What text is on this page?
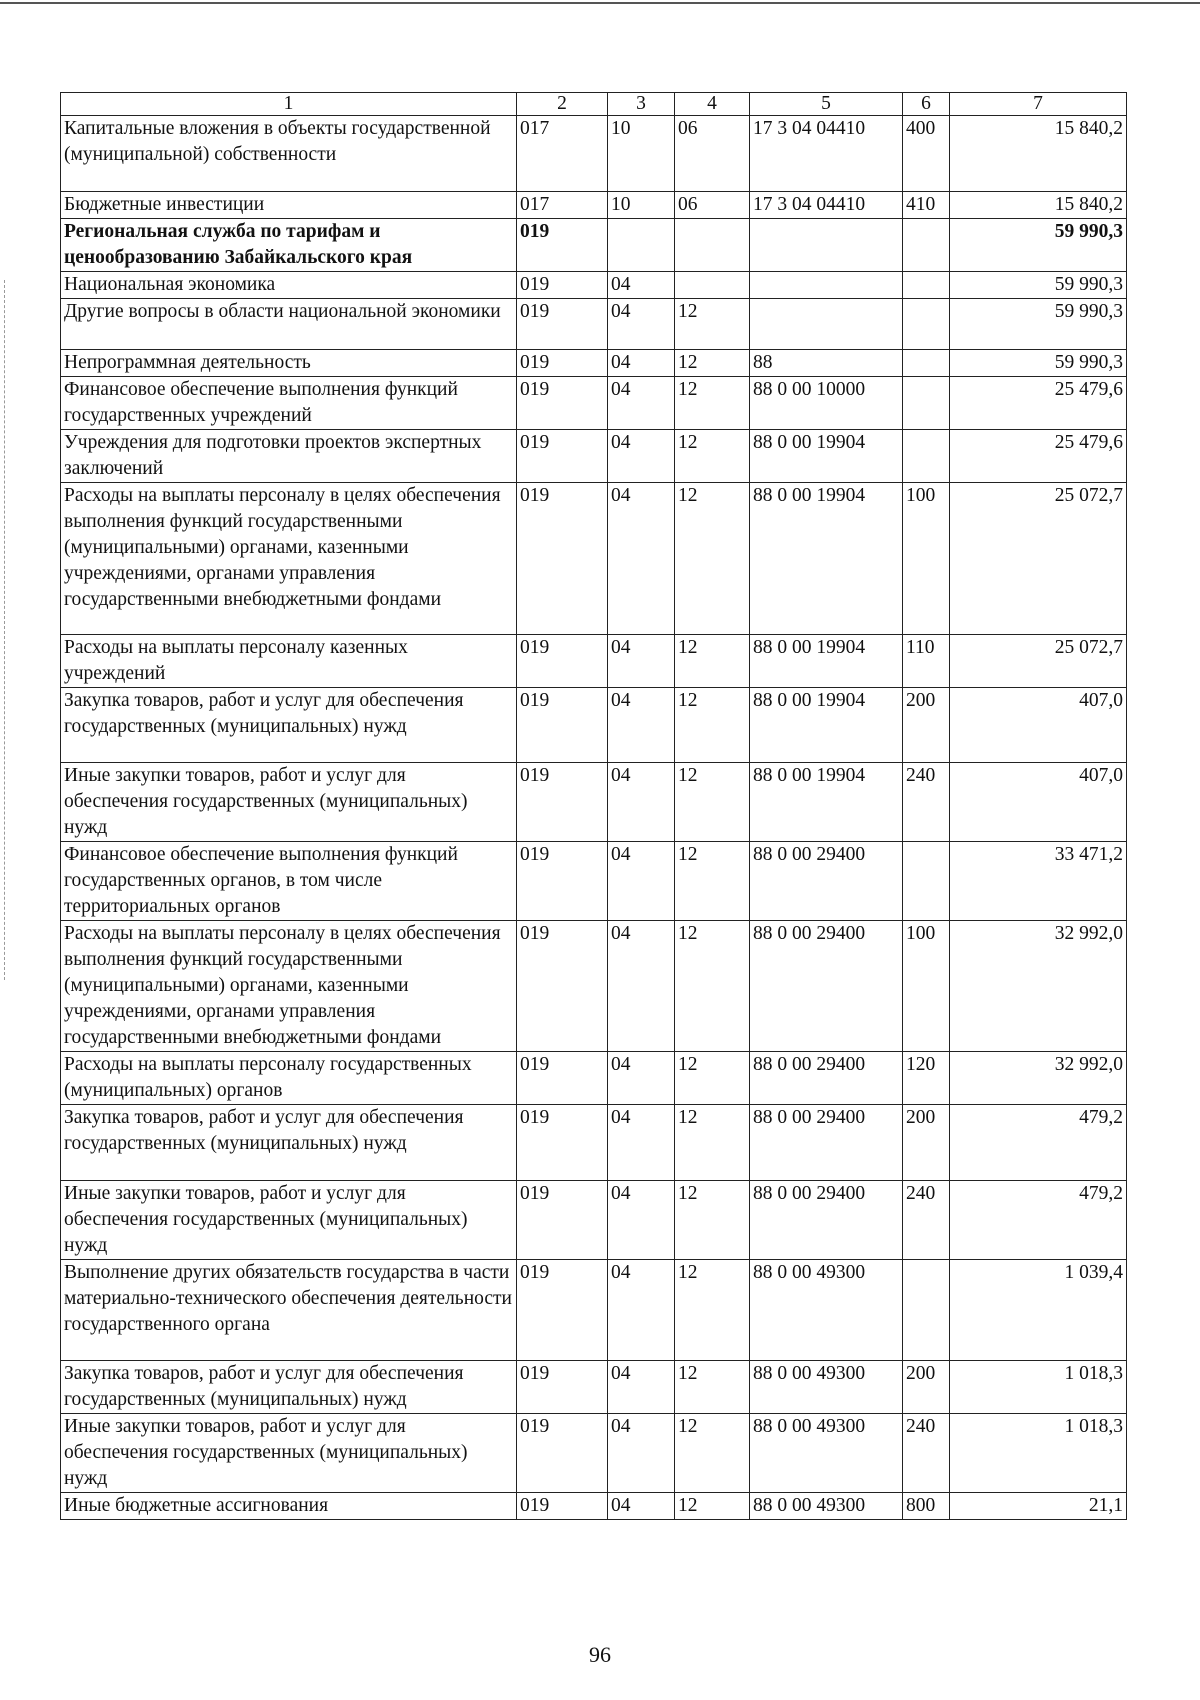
1	2	3	4	5	6	7
Капитальные вложения в объекты государственной (муниципальной) собственности	017	10	06	17 3 04 04410	400	15 840,2
Бюджетные инвестиции	017	10	06	17 3 04 04410	410	15 840,2
Региональная служба по тарифам и ценообразованию Забайкальского края	019					59 990,3
Национальная экономика	019	04				59 990,3
Другие вопросы в области национальной экономики	019	04	12			59 990,3
Непрограммная деятельность	019	04	12	88		59 990,3
Финансовое обеспечение выполнения функций государственных учреждений	019	04	12	88 0 00 10000		25 479,6
Учреждения для подготовки проектов экспертных заключений	019	04	12	88 0 00 19904		25 479,6
Расходы на выплаты персоналу в целях обеспечения выполнения функций государственными (муниципальными) органами, казенными учреждениями, органами управления государственными внебюджетными фондами	019	04	12	88 0 00 19904	100	25 072,7
Расходы на выплаты персоналу казенных учреждений	019	04	12	88 0 00 19904	110	25 072,7
Закупка товаров, работ и услуг для обеспечения государственных (муниципальных) нужд	019	04	12	88 0 00 19904	200	407,0
Иные закупки товаров, работ и услуг для обеспечения государственных (муниципальных) нужд	019	04	12	88 0 00 19904	240	407,0
Финансовое обеспечение выполнения функций государственных органов, в том числе территориальных органов	019	04	12	88 0 00 29400		33 471,2
Расходы на выплаты персоналу в целях обеспечения выполнения функций государственными (муниципальными) органами, казенными учреждениями, органами управления государственными внебюджетными фондами	019	04	12	88 0 00 29400	100	32 992,0
Расходы на выплаты персоналу государственных (муниципальных) органов	019	04	12	88 0 00 29400	120	32 992,0
Закупка товаров, работ и услуг для обеспечения государственных (муниципальных) нужд	019	04	12	88 0 00 29400	200	479,2
Иные закупки товаров, работ и услуг для обеспечения государственных (муниципальных) нужд	019	04	12	88 0 00 29400	240	479,2
Выполнение других обязательств государства в части материально-технического обеспечения деятельности государственного органа	019	04	12	88 0 00 49300		1 039,4
Закупка товаров, работ и услуг для обеспечения государственных (муниципальных) нужд	019	04	12	88 0 00 49300	200	1 018,3
Иные закупки товаров, работ и услуг для обеспечения государственных (муниципальных) нужд	019	04	12	88 0 00 49300	240	1 018,3
Иные бюджетные ассигнования	019	04	12	88 0 00 49300	800	21,1
96
